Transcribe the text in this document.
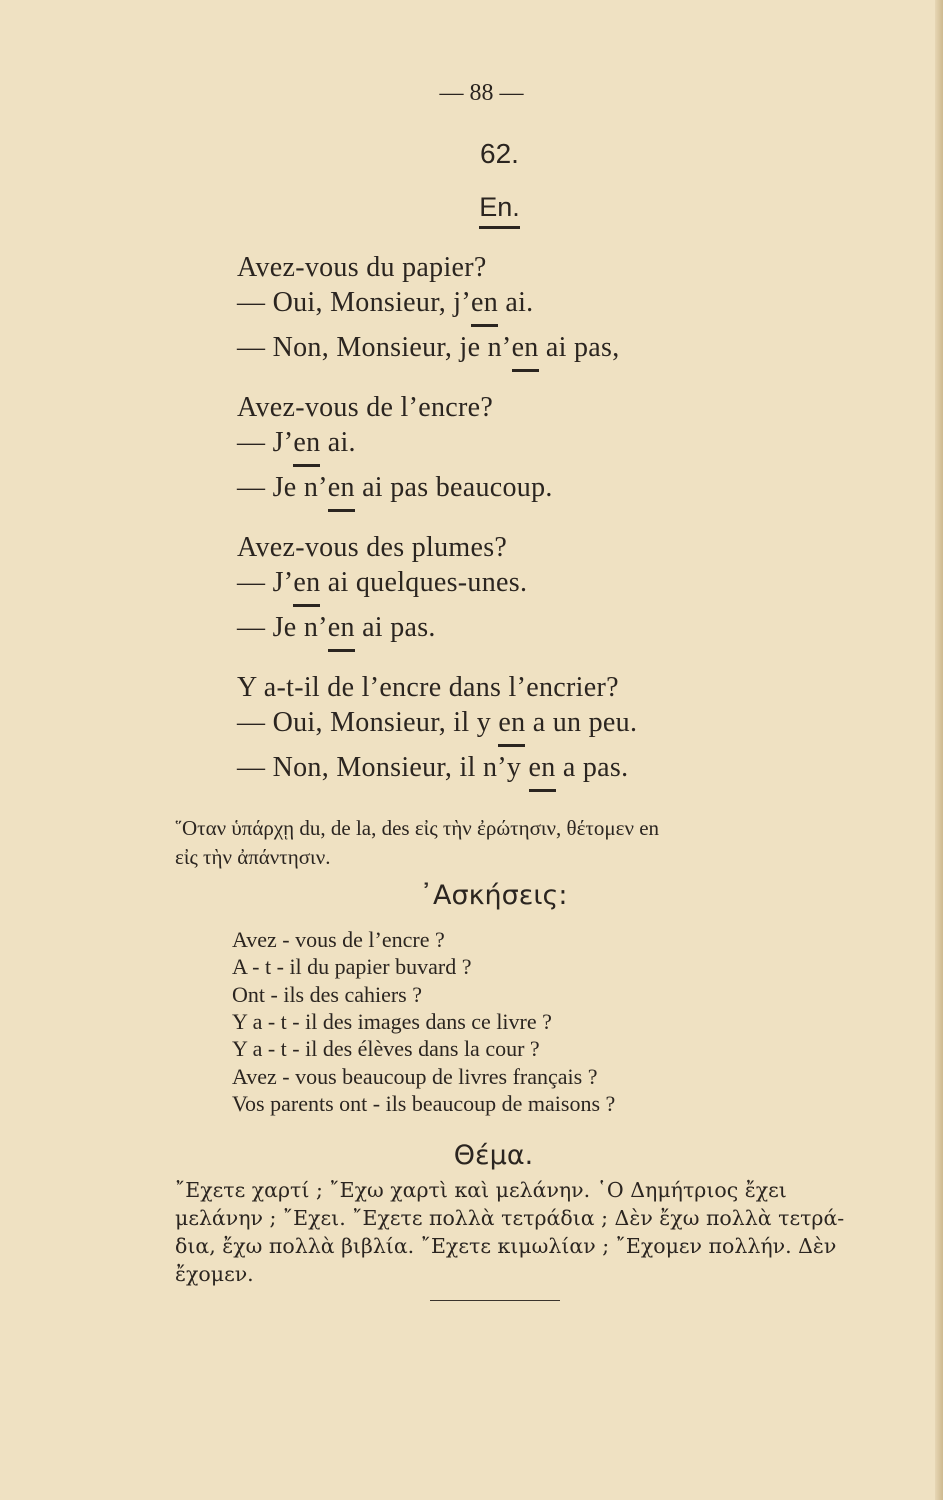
— 88 —
62.
En.
Avez-vous du papier?
— Oui, Monsieur, j’en ai.
— Non, Monsieur, je n’en ai pas,
Avez-vous de l’encre?
— J’en ai.
— Je n’en ai pas beaucoup.
Avez-vous des plumes?
— J’en ai quelques-unes.
— Je n’en ai pas.
Y a-t-il de l’encre dans l’encrier?
— Oui, Monsieur, il y en a un peu.
— Non, Monsieur, il n’y en a pas.
῞Οταν ὑπάρχῃ du, de la, des εἰς τὴν ἐρώτησιν, θέτομεν en
εἰς τὴν ἀπάντησιν.
᾿Ασκήσεις:
Avez - vous de l’encre ?
A - t - il du papier buvard ?
Ont - ils des cahiers ?
Y a - t - il des images dans ce livre ?
Y a - t - il des élèves dans la cour ?
Avez - vous beaucoup de livres français ?
Vos parents ont - ils beaucoup de maisons ?
Θέμα.
῎Εχετε χαρτί ; ῎Εχω χαρτὶ καὶ μελάνην. ῾Ο Δημήτριος ἔχει
μελάνην ; ῎Εχει. ῎Εχετε πολλὰ τετράδια ; Δὲν ἔχω πολλὰ τετρά-
δια, ἔχω πολλὰ βιβλία. ῎Εχετε κιμωλίαν ; ῎Εχομεν πολλήν. Δὲν
ἔχομεν.
